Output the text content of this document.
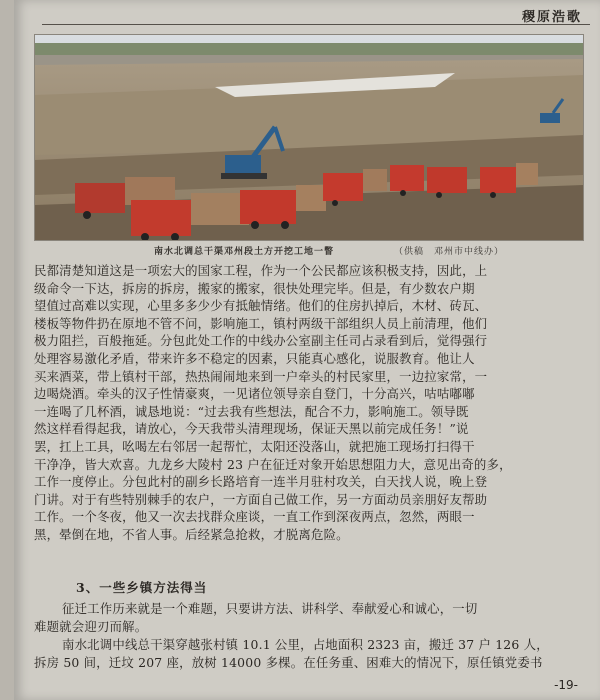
稷原浩歌
南水北调总干渠邓州段土方开挖工地一瞥	（供稿　邓州市中线办）

民都清楚知道这是一项宏大的国家工程，作为一个公民都应该积极支持，因此，上

级命令一下达，拆房的拆房，搬家的搬家，很快处理完毕。但是，有少数农户期

望值过高难以实现，心里多多少少有抵触情绪。他们的住房扒掉后，木材、砖瓦、

楼板等物件扔在原地不管不问，影响施工，镇村两级干部组织人员上前清理，他们

极力阻拦，百般拖延。分包此处工作的中线办公室副主任司占录看到后，觉得强行

处理容易激化矛盾，带来许多不稳定的因素，只能真心感化，说服教育。他让人

买来酒菜，带上镇村干部，热热闹闹地来到一户牵头的村民家里，一边拉家常，一

边喝烧酒。牵头的汉子性情豪爽，一见诸位领导亲自登门，十分高兴，咕咕嘟嘟

一连喝了几杯酒，诚恳地说：“过去我有些想法，配合不力，影响施工。领导既

然这样看得起我，请放心，今天我带头清理现场，保证天黑以前完成任务！”说

罢，扛上工具，吆喝左右邻居一起帮忙，太阳还没落山，就把施工现场打扫得干

干净净，皆大欢喜。九龙乡大陵村 23 户在征迁对象开始思想阻力大，意见出奇的多，

工作一度停止。分包此村的副乡长路培育一连半月驻村攻关，白天找人说，晚上登

门讲。对于有些特别棘手的农户，一方面自己做工作，另一方面动员亲朋好友帮助

工作。一个冬夜，他又一次去找群众座谈，一直工作到深夜两点，忽然，两眼一

黑，晕倒在地，不省人事。后经紧急抢救，才脱离危险。

3、一些乡镇方法得当

征迁工作历来就是一个难题，只要讲方法、讲科学、奉献爱心和诚心，一切

难题就会迎刃而解。

南水北调中线总干渠穿越张村镇 10.1 公里，占地面积 2323 亩，搬迁 37 户 126 人，

拆房 50 间，迁坟 207 座，放树 14000 多棵。在任务重、困难大的情况下，原任镇党委书

-19-
